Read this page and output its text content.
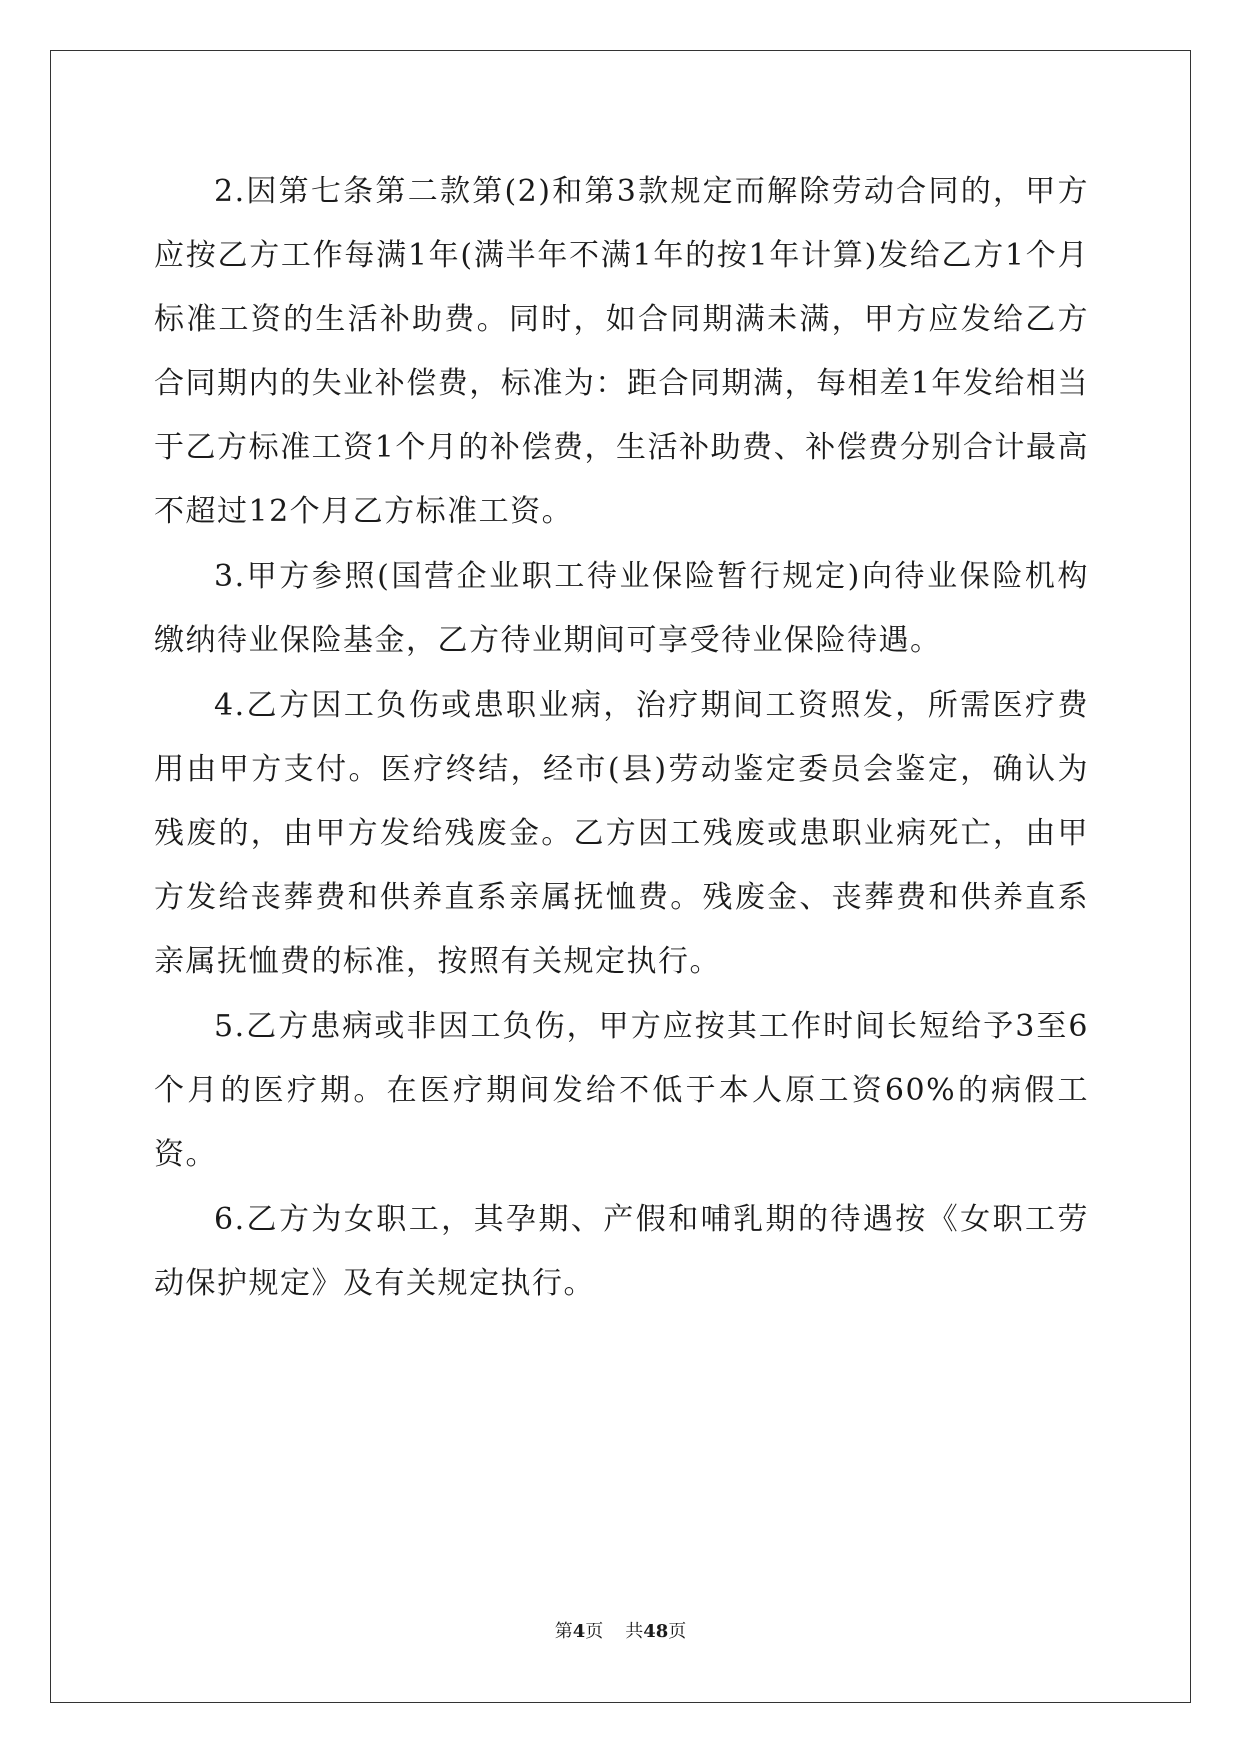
2.因第七条第二款第(2)和第3款规定而解除劳动合同的，甲方应按乙方工作每满1年(满半年不满1年的按1年计算)发给乙方1个月标准工资的生活补助费。同时，如合同期满未满，甲方应发给乙方合同期内的失业补偿费，标准为：距合同期满，每相差1年发给相当于乙方标准工资1个月的补偿费，生活补助费、补偿费分别合计最高不超过12个月乙方标准工资。

3.甲方参照(国营企业职工待业保险暂行规定)向待业保险机构缴纳待业保险基金，乙方待业期间可享受待业保险待遇。

4.乙方因工负伤或患职业病，治疗期间工资照发，所需医疗费用由甲方支付。医疗终结，经市(县)劳动鉴定委员会鉴定，确认为残废的，由甲方发给残废金。乙方因工残废或患职业病死亡，由甲方发给丧葬费和供养直系亲属抚恤费。残废金、丧葬费和供养直系亲属抚恤费的标准，按照有关规定执行。

5.乙方患病或非因工负伤，甲方应按其工作时间长短给予3至6个月的医疗期。在医疗期间发给不低于本人原工资60%的病假工资。

6.乙方为女职工，其孕期、产假和哺乳期的待遇按《女职工劳动保护规定》及有关规定执行。

第4页 共48页
